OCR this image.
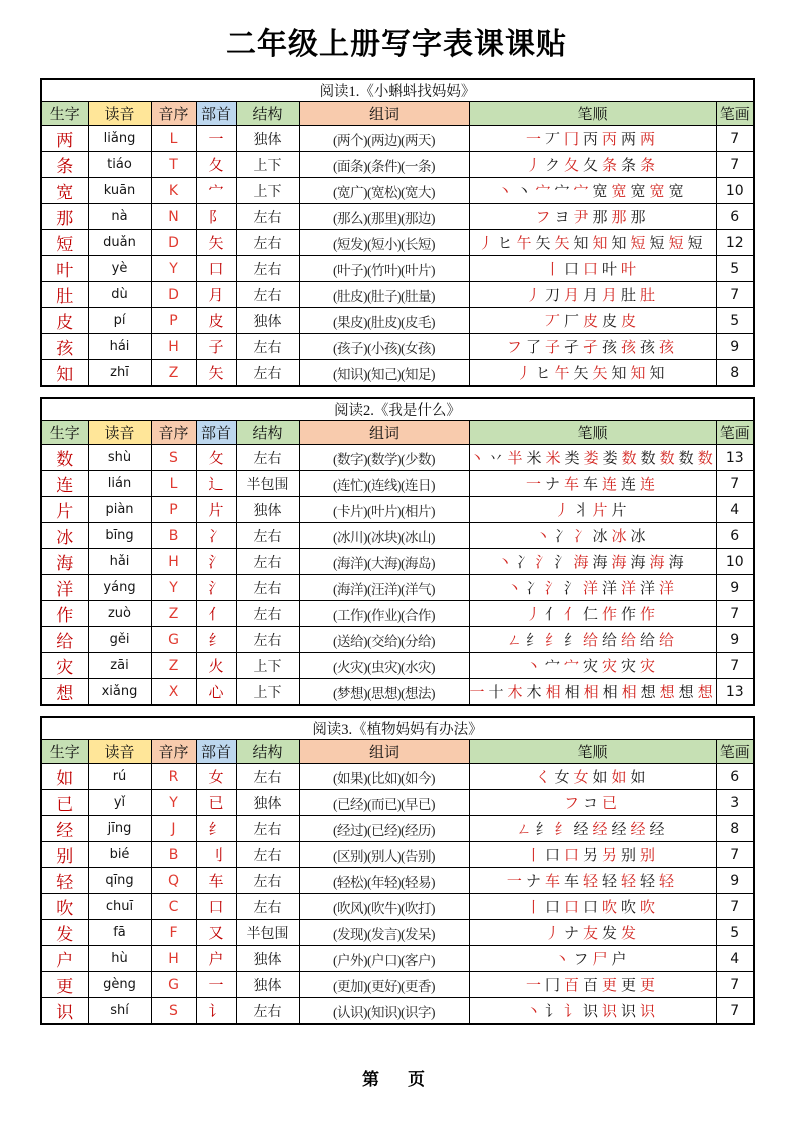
二年级上册写字表课课贴
阅读1.《小蝌蚪找妈妈》							
生字	读音	音序	部首	结构	组词	笔顺	笔画
两	liǎng	L	一	独体	(两个)(两边)(两天)	一 丆 冂 丙 丙 两 两	7
条	tiáo	T	夂	上下	(面条)(条件)(一条)	丿 ク 夂 夂 条 条 条	7
宽	kuān	K	宀	上下	(宽广)(宽松)(宽大)	丶 丶 宀 宀 宀 宽 宽 宽 宽 宽	10
那	nà	N	阝	左右	(那么)(那里)(那边)	フ ヨ 尹 那 那 那	6
短	duǎn	D	矢	左右	(短发)(短小)(长短)	丿 ヒ 午 矢 矢 知 知 知 短 短 短 短	12
叶	yè	Y	口	左右	(叶子)(竹叶)(叶片)	丨 口 口 叶 叶	5
肚	dù	D	月	左右	(肚皮)(肚子)(肚量)	丿 刀 月 月 月 肚 肚	7
皮	pí	P	皮	独体	(果皮)(肚皮)(皮毛)	丆 厂 皮 皮 皮	5
孩	hái	H	子	左右	(孩子)(小孩)(女孩)	フ 了 子 孑 孑 孩 孩 孩 孩	9
知	zhī	Z	矢	左右	(知识)(知己)(知足)	丿 ヒ 午 矢 矢 知 知 知	8
阅读2.《我是什么》							
生字	读音	音序	部首	结构	组词	笔顺	笔画
数	shù	S	攵	左右	(数字)(数学)(少数)	丶 丷 半 米 米 类 娄 娄 数 数 数 数 数	13
连	lián	L	辶	半包围	(连忙)(连线)(连日)	一 ナ 车 车 连 连 连	7
片	piàn	P	片	独体	(卡片)(叶片)(相片)	丿 丬 片 片	4
冰	bīng	B	冫	左右	(冰川)(冰块)(冰山)	丶 冫 冫 冰 冰 冰	6
海	hǎi	H	氵	左右	(海洋)(大海)(海岛)	丶 冫 氵 氵 海 海 海 海 海 海	10
洋	yáng	Y	氵	左右	(海洋)(汪洋)(洋气)	丶 冫 氵 氵 洋 洋 洋 洋 洋	9
作	zuò	Z	亻	左右	(工作)(作业)(合作)	丿 亻 亻 仁 作 作 作	7
给	gěi	G	纟	左右	(送给)(交给)(分给)	ㄥ 纟 纟 纟 给 给 给 给 给	9
灾	zāi	Z	火	上下	(火灾)(虫灾)(水灾)	丶 宀 宀 灾 灾 灾 灾	7
想	xiǎng	X	心	上下	(梦想)(思想)(想法)	一 十 木 木 相 相 相 相 相 想 想 想 想	13
阅读3.《植物妈妈有办法》							
生字	读音	音序	部首	结构	组词	笔顺	笔画
如	rú	R	女	左右	(如果)(比如)(如今)	く 女 女 如 如 如	6
已	yǐ	Y	已	独体	(已经)(而已)(早已)	フ コ 已	3
经	jīng	J	纟	左右	(经过)(已经)(经历)	ㄥ 纟 纟 经 经 经 经 经	8
别	bié	B	刂	左右	(区别)(别人)(告别)	丨 口 口 另 另 别 别	7
轻	qīng	Q	车	左右	(轻松)(年轻)(轻易)	一 ナ 车 车 轻 轻 轻 轻 轻	9
吹	chuī	C	口	左右	(吹风)(吹牛)(吹打)	丨 口 口 口 吹 吹 吹	7
发	fā	F	又	半包围	(发现)(发言)(发呆)	丿 ナ 友 发 发	5
户	hù	H	户	独体	(户外)(户口)(客户)	丶 フ 尸 户	4
更	gèng	G	一	独体	(更加)(更好)(更香)	一 冂 百 百 更 更 更	7
识	shí	S	讠	左右	(认识)(知识)(识字)	丶 讠 讠 识 识 识 识	7
第　页
